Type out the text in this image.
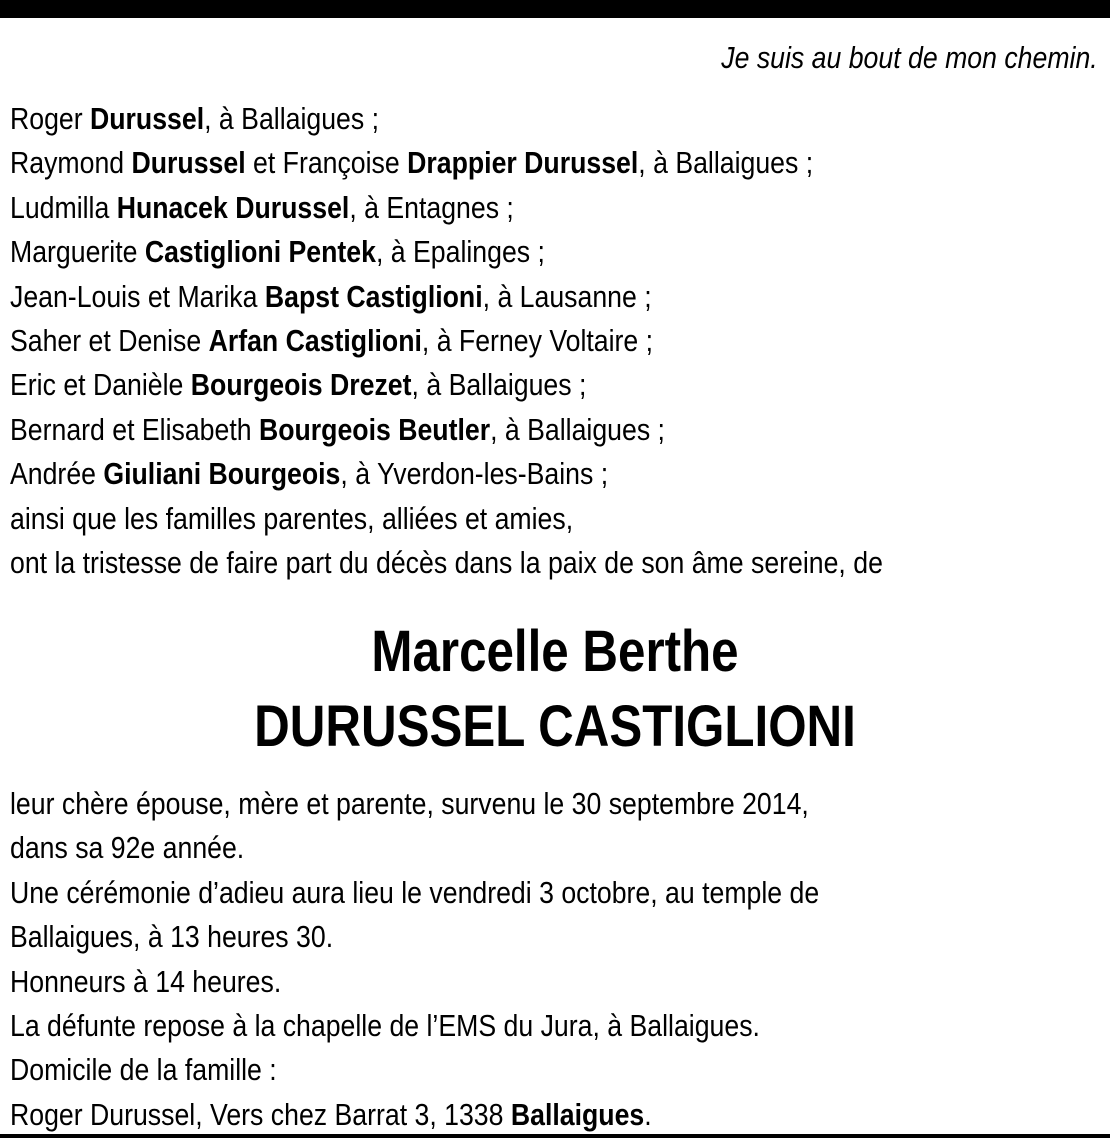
Je suis au bout de mon chemin.
Roger Durussel, à Ballaigues ;
Raymond Durussel et Françoise Drappier Durussel, à Ballaigues ;
Ludmilla Hunacek Durussel, à Entagnes ;
Marguerite Castiglioni Pentek, à Epalinges ;
Jean-Louis et Marika Bapst Castiglioni, à Lausanne ;
Saher et Denise Arfan Castiglioni, à Ferney Voltaire ;
Eric et Danièle Bourgeois Drezet, à Ballaigues ;
Bernard et Elisabeth Bourgeois Beutler, à Ballaigues ;
Andrée Giuliani Bourgeois, à Yverdon-les-Bains ;
ainsi que les familles parentes, alliées et amies,
ont la tristesse de faire part du décès dans la paix de son âme sereine, de
Marcelle Berthe
DURUSSEL CASTIGLIONI
leur chère épouse, mère et parente, survenu le 30 septembre 2014,
dans sa 92e année.
Une cérémonie d’adieu aura lieu le vendredi 3 octobre, au temple de
Ballaigues, à 13 heures 30.
Honneurs à 14 heures.
La défunte repose à la chapelle de l’EMS du Jura, à Ballaigues.
Domicile de la famille :
Roger Durussel, Vers chez Barrat 3, 1338 Ballaigues.
